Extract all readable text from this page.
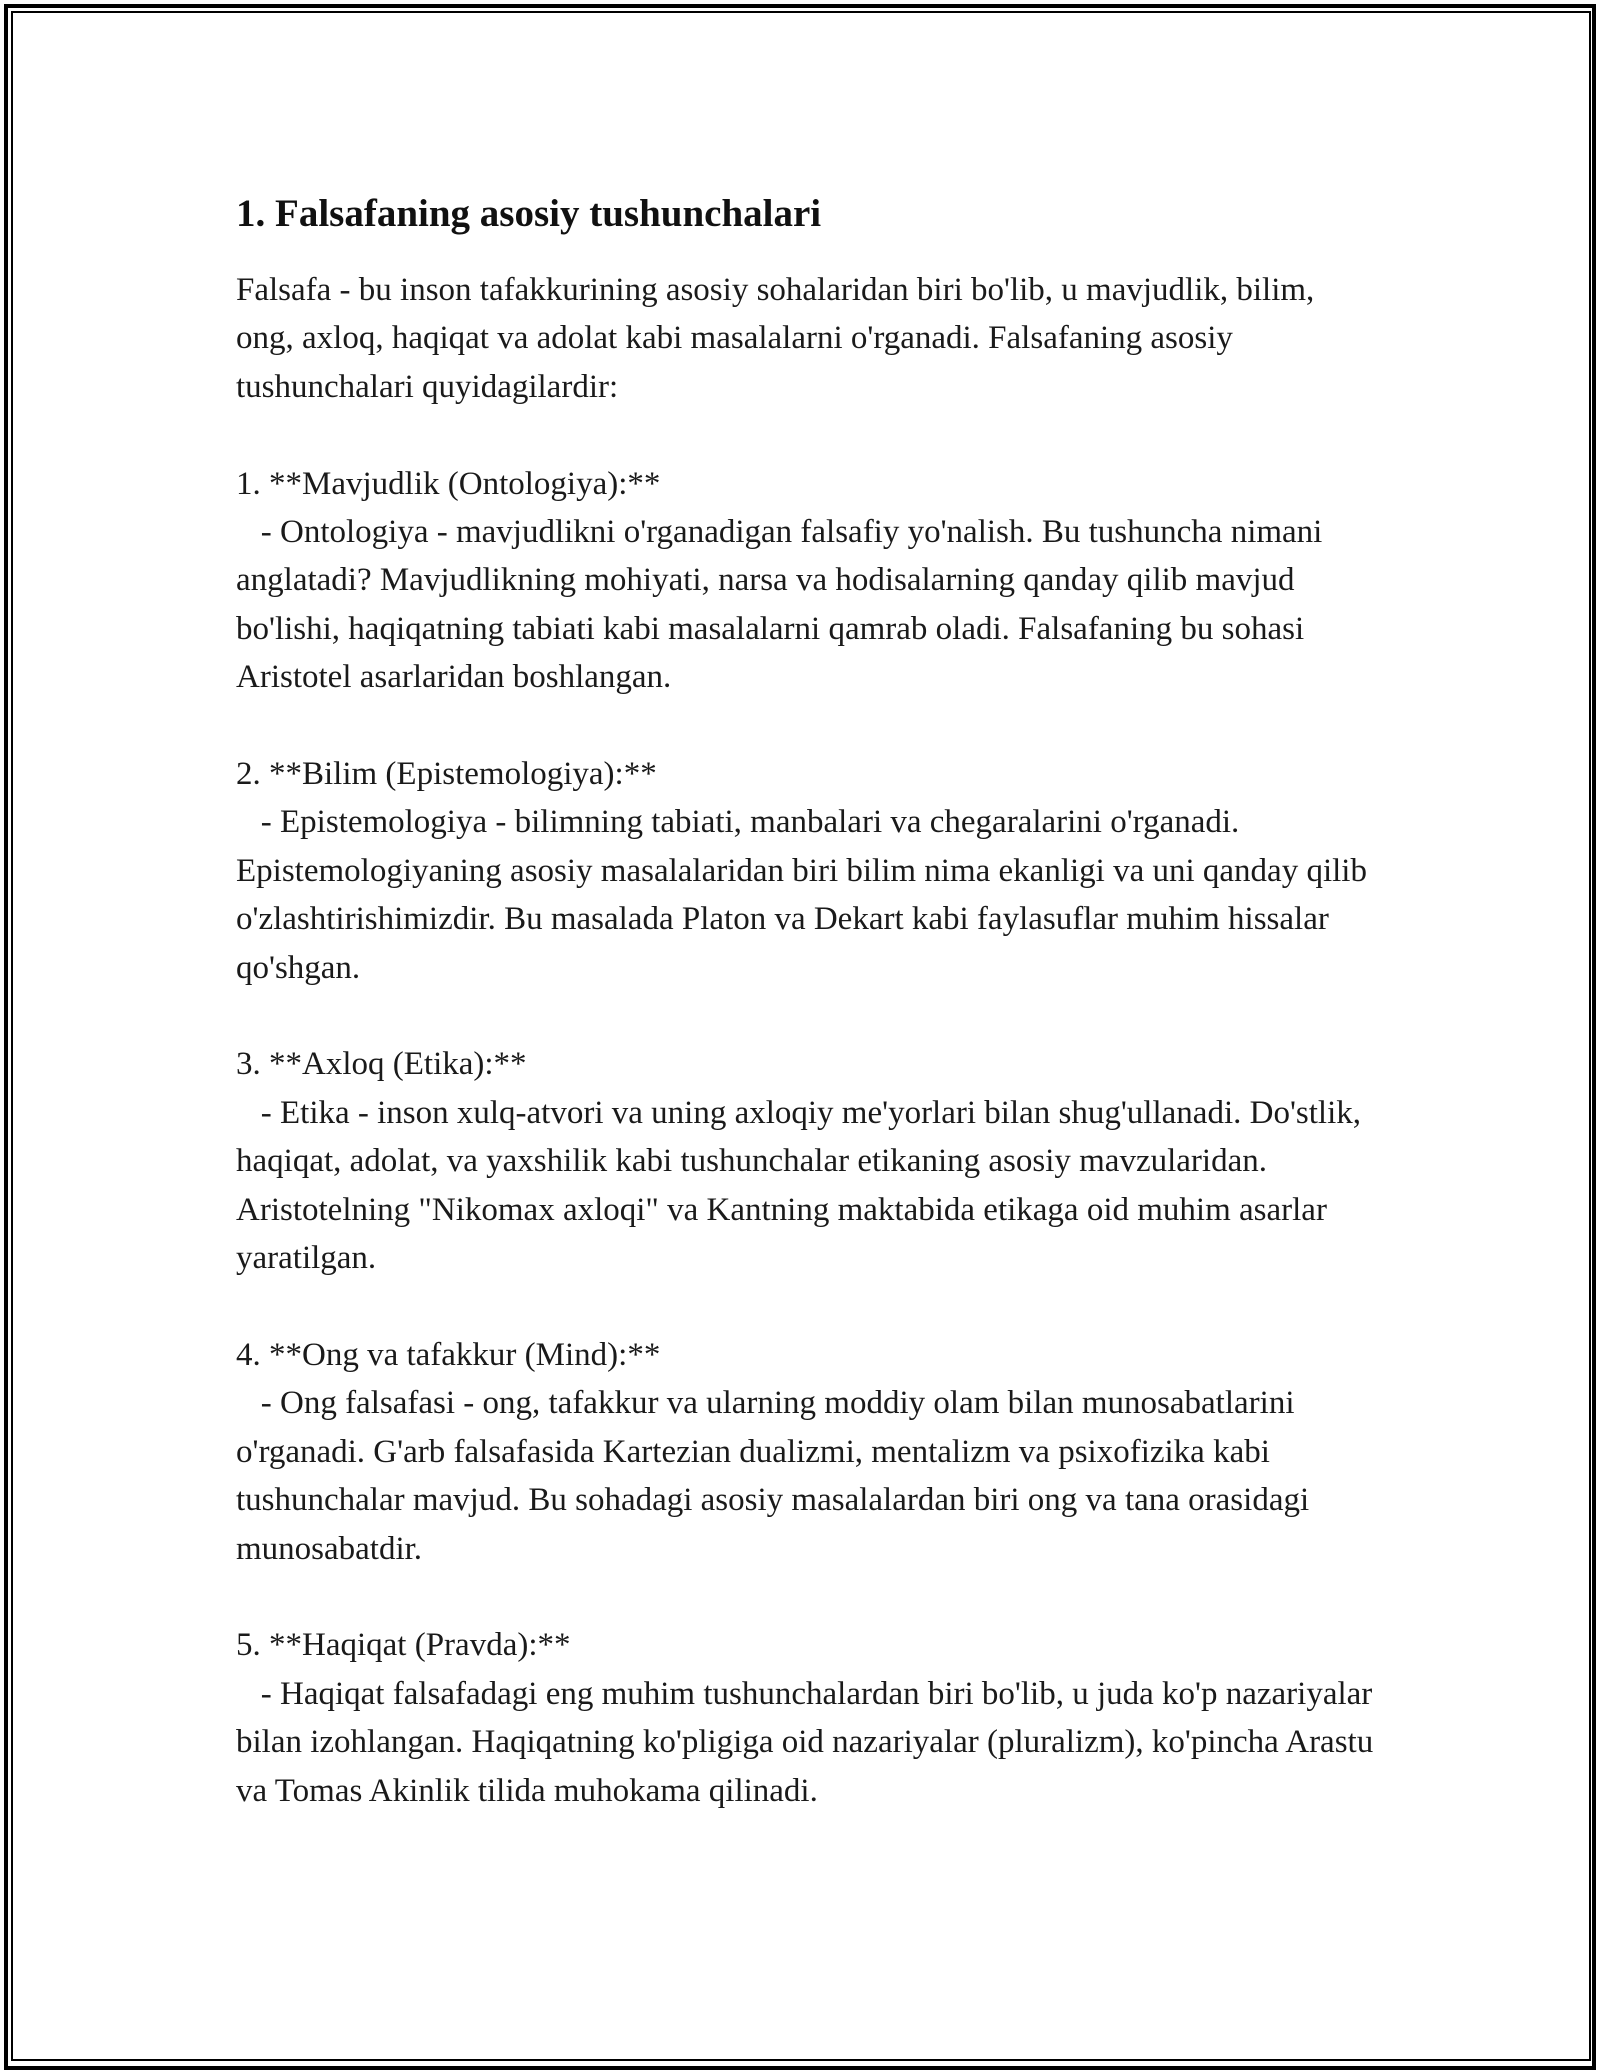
1. Falsafaning asosiy tushunchalari

Falsafa - bu inson tafakkurining asosiy sohalaridan biri bo'lib, u mavjudlik, bilim, ong, axloq, haqiqat va adolat kabi masalalarni o'rganadi. Falsafaning asosiy tushunchalari quyidagilardir:

1. **Mavjudlik (Ontologiya):**

- Ontologiya - mavjudlikni o'rganadigan falsafiy yo'nalish. Bu tushuncha nimani anglatadi? Mavjudlikning mohiyati, narsa va hodisalarning qanday qilib mavjud bo'lishi, haqiqatning tabiati kabi masalalarni qamrab oladi. Falsafaning bu sohasi Aristotel asarlaridan boshlangan.

2. **Bilim (Epistemologiya):**

- Epistemologiya - bilimning tabiati, manbalari va chegaralarini o'rganadi. Epistemologiyaning asosiy masalalaridan biri bilim nima ekanligi va uni qanday qilib o'zlashtirishimizdir. Bu masalada Platon va Dekart kabi faylasuflar muhim hissalar qo'shgan.

3. **Axloq (Etika):**

- Etika - inson xulq-atvori va uning axloqiy me'yorlari bilan shug'ullanadi. Do'stlik, haqiqat, adolat, va yaxshilik kabi tushunchalar etikaning asosiy mavzularidan. Aristotelning "Nikomax axloqi" va Kantning maktabida etikaga oid muhim asarlar yaratilgan.

4. **Ong va tafakkur (Mind):**

- Ong falsafasi - ong, tafakkur va ularning moddiy olam bilan munosabatlarini o'rganadi. G'arb falsafasida Kartezian dualizmi, mentalizm va psixofizika kabi tushunchalar mavjud. Bu sohadagi asosiy masalalardan biri ong va tana orasidagi munosabatdir.

5. **Haqiqat (Pravda):**

- Haqiqat falsafadagi eng muhim tushunchalardan biri bo'lib, u juda ko'p nazariyalar bilan izohlangan. Haqiqatning ko'pligiga oid nazariyalar (pluralizm), ko'pincha Arastu va Tomas Akinlik tilida muhokama qilinadi.
